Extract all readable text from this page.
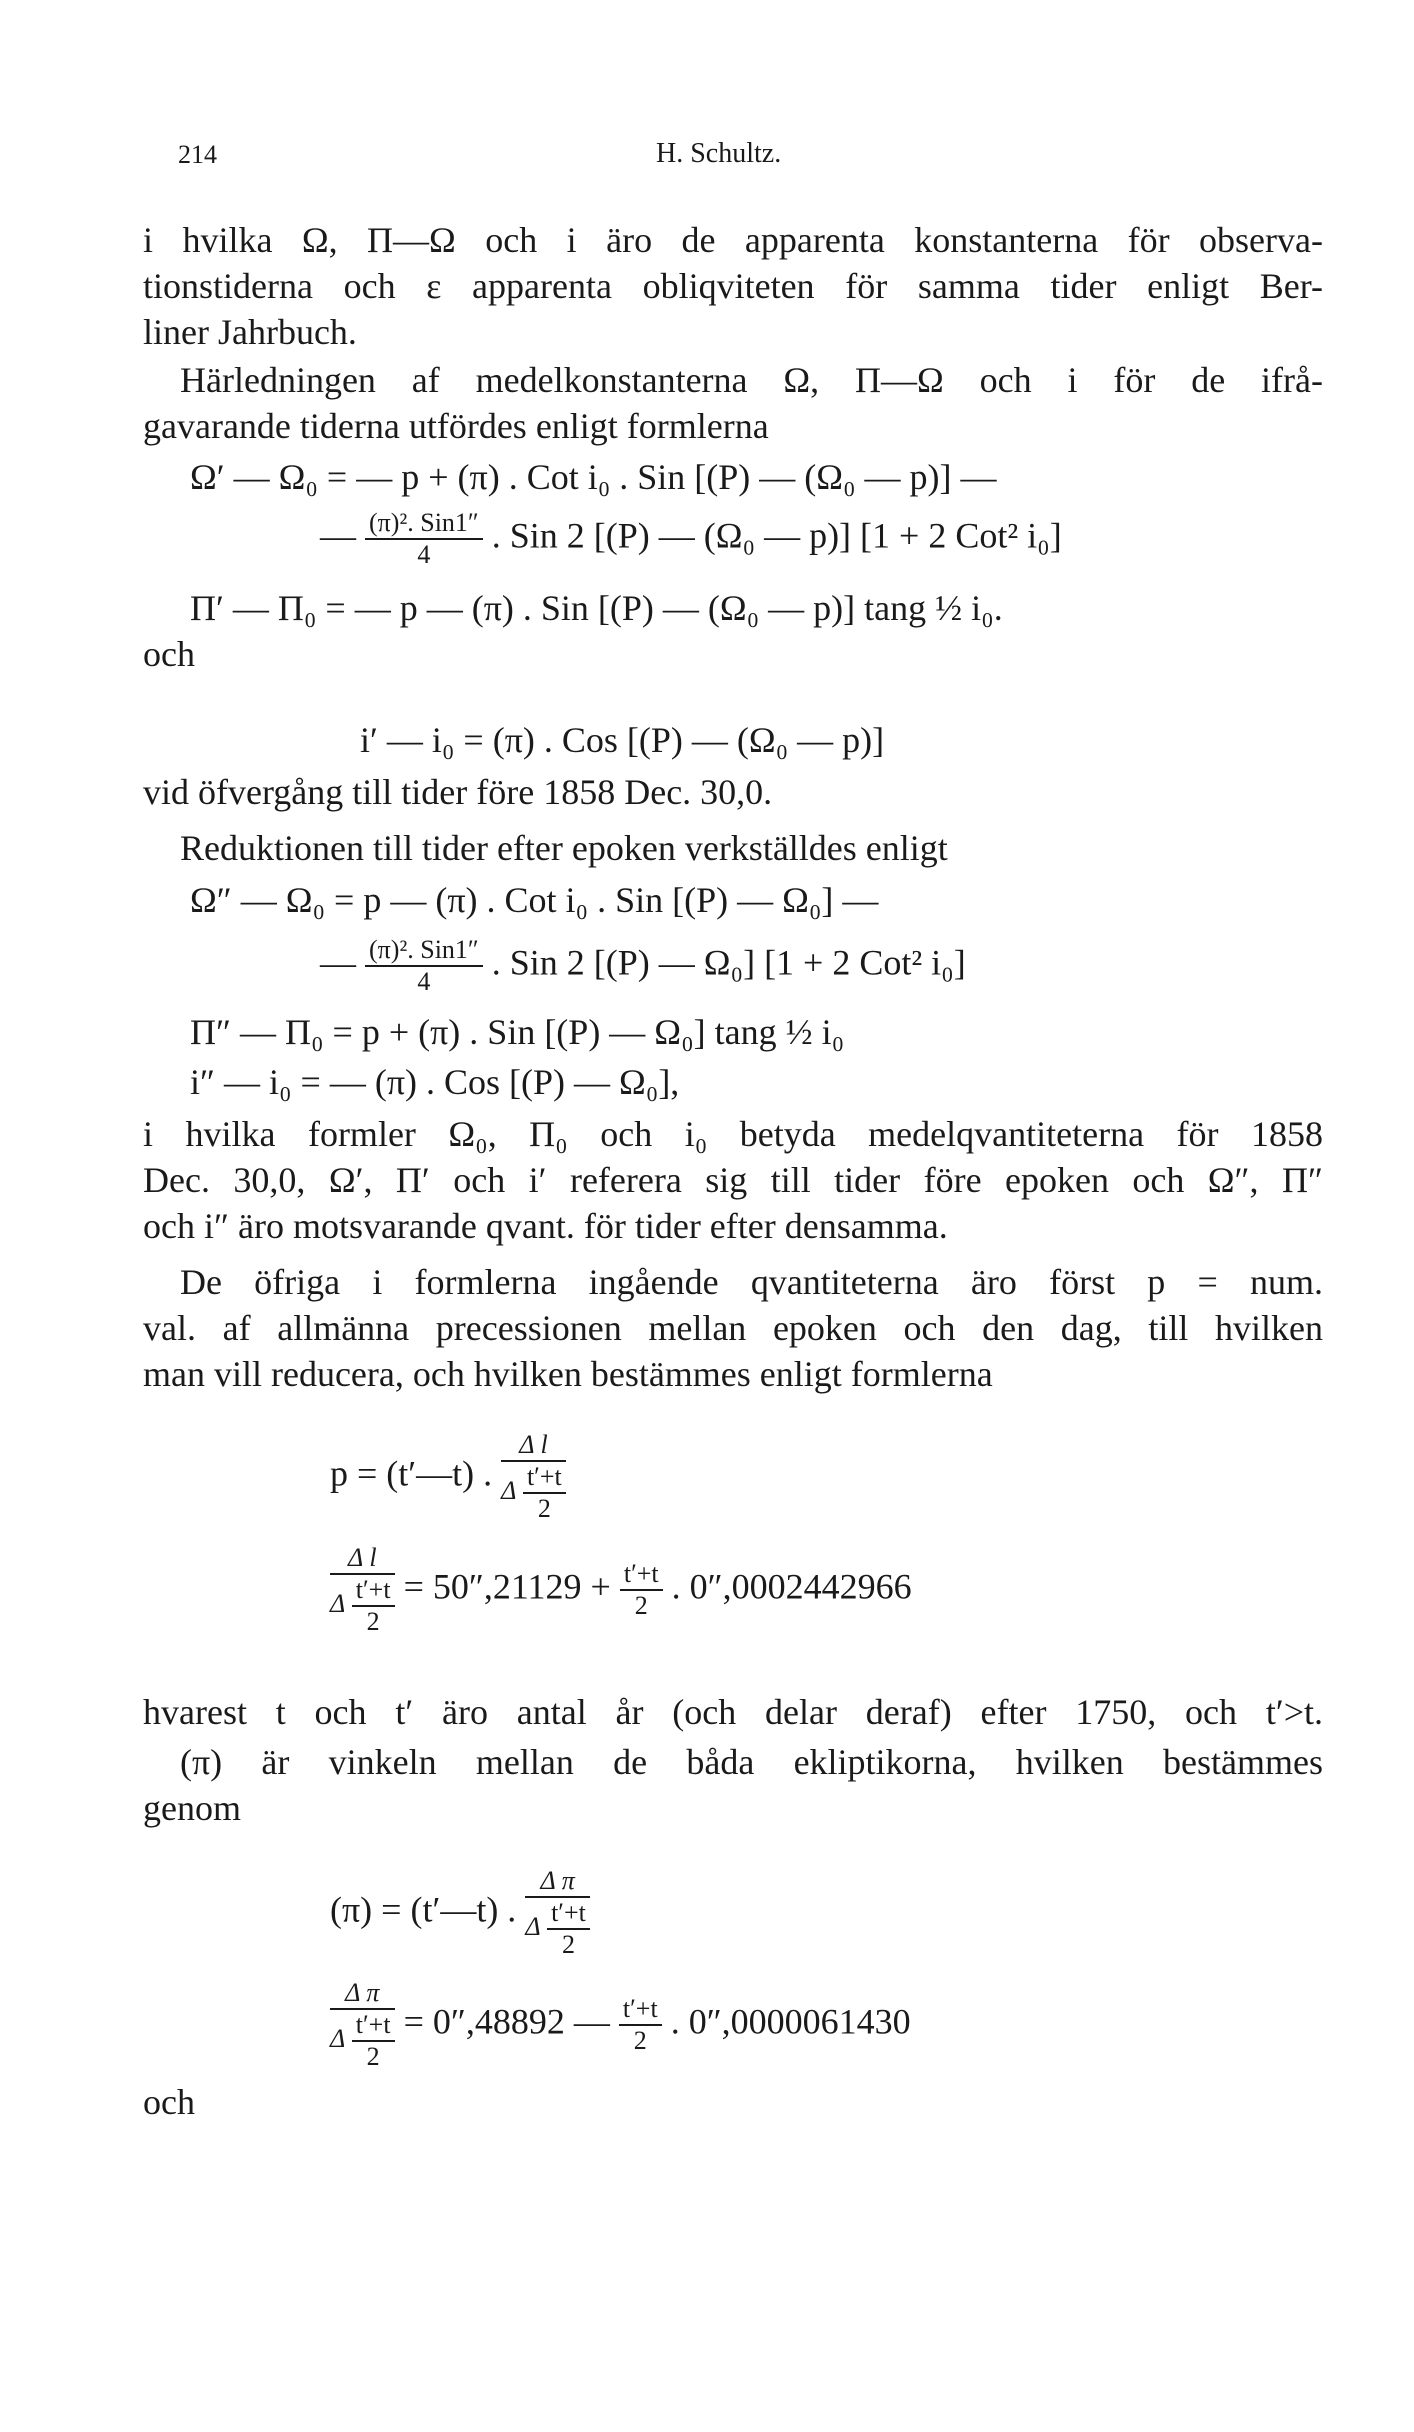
214	H. Schultz.
i hvilka Ω, Π—Ω och i äro de apparenta konstanterna för observa-
tionstiderna och ε apparenta obliqviteten för samma tider enligt Ber-
liner Jahrbuch.
Härledningen af medelkonstanterna Ω, Π—Ω och i för de ifrå-
gavarande tiderna utfördes enligt formlerna
Ω′ — Ω₀ = — p + (π) . Cot i₀ . Sin [(P) — (Ω₀ — p)] —
— $\frac{\text{(π)². Sin1″}}{4}$ . Sin 2 [(P) — (Ω₀ — p)] [1 + 2 Cot² i₀]
Π′ — Π₀ = — p — (π) . Sin [(P) — (Ω₀ — p)] tang ½ i₀.
och
i′ — i₀ = (π) . Cos [(P) — (Ω₀ — p)]
vid öfvergång till tider före 1858 Dec. 30,0.
Reduktionen till tider efter epoken verkställdes enligt
Ω″ — Ω₀ = p — (π) . Cot i₀ . Sin [(P) — Ω₀] —
— $\frac{\text{(π)². Sin1″}}{4}$ . Sin 2 [(P) — Ω₀] [1 + 2 Cot² i₀]
Π″ — Π₀ = p + (π) . Sin [(P) — Ω₀] tang ½ i₀
i″ — i₀ = — (π) . Cos [(P) — Ω₀],
i hvilka formler Ω₀, Π₀ och i₀ betyda medelqvantiteterna för 1858
Dec. 30,0, Ω′, Π′ och i′ referera sig till tider före epoken och Ω″, Π″
och i″ äro motsvarande qvant. för tider efter densamma.
De öfriga i formlerna ingående qvantiteterna äro först p = num.
val. af allmänna precessionen mellan epoken och den dag, till hvilken
man vill reducera, och hvilken bestämmes enligt formlerna
p = (t′—t) . $\frac{\text{Δ l}}{\Delta \frac{t'+t}{2}}$
$\frac{\text{Δ l}}{\Delta \frac{t'+t}{2}} = 50'',21129 + \frac{t'+t}{2}$ . 0″,0002442966
hvarest t och t′ äro antal år (och delar deraf) efter 1750, och t′>t.
(π) är vinkeln mellan de båda ekliptikorna, hvilken bestämmes
genom
(π) = (t′—t) . $\frac{\text{Δ π}}{\Delta \frac{t'+t}{2}}$
$\frac{\text{Δ π}}{\Delta \frac{t'+t}{2}} = 0'',48892$ — $\frac{t'+t}{2}$ . 0″,0000061430
och
